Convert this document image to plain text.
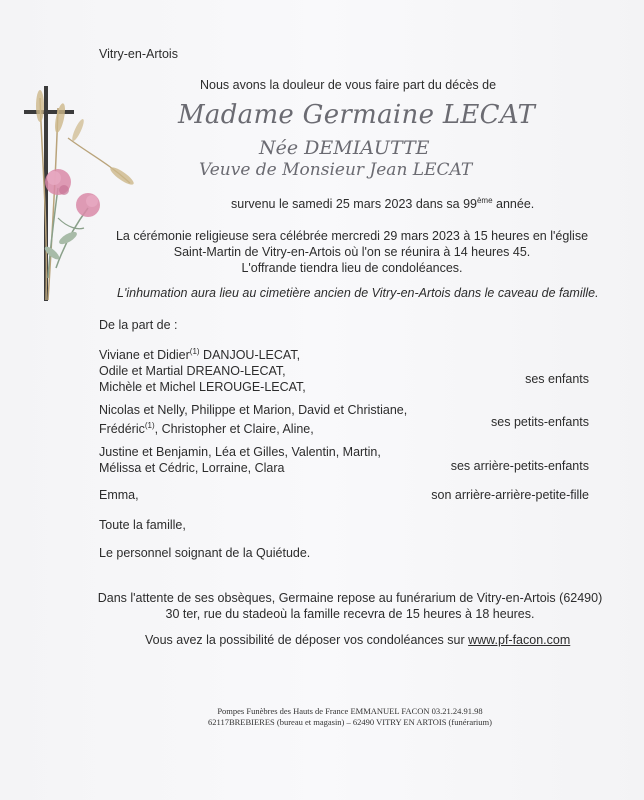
Vitry-en-Artois
Nous avons la douleur de vous faire part du décès de
Madame Germaine LECAT
Née DEMIAUTTE
Veuve de Monsieur Jean LECAT
survenu le samedi 25 mars 2023 dans sa 99ème année.
La cérémonie religieuse sera célébrée mercredi 29 mars 2023 à 15 heures en l'église
Saint-Martin de Vitry-en-Artois où l'on se réunira à 14 heures 45.
L'offrande tiendra lieu de condoléances.
L'inhumation aura lieu au cimetière ancien de Vitry-en-Artois dans le caveau de famille.
De la part de :
Viviane et Didier$^{(1)}$ DANJOU-LECAT,
Odile et Martial DREANO-LECAT,
Michèle et Michel LEROUGE-LECAT,
ses enfants
Nicolas et Nelly, Philippe et Marion, David et Christiane,
Frédéric$^{(1)}$, Christopher et Claire, Aline,
ses petits-enfants
Justine et Benjamin, Léa et Gilles, Valentin, Martin,
Mélissa et Cédric, Lorraine, Clara	ses arrière-petits-enfants
Emma,	son arrière-arrière-petite-fille
Toute la famille,
Le personnel soignant de la Quiétude.
Dans l'attente de ses obsèques, Germaine repose au funérarium de Vitry-en-Artois (62490)
30 ter, rue du stadeoù la famille recevra de 15 heures à 18 heures.
Vous avez la possibilité de déposer vos condoléances sur www.pf-facon.com
Pompes Funèbres des Hauts de France EMMANUEL FACON 03.21.24.91.98
62117BREBIERES (bureau et magasin) – 62490 VITRY EN ARTOIS (funérarium)
